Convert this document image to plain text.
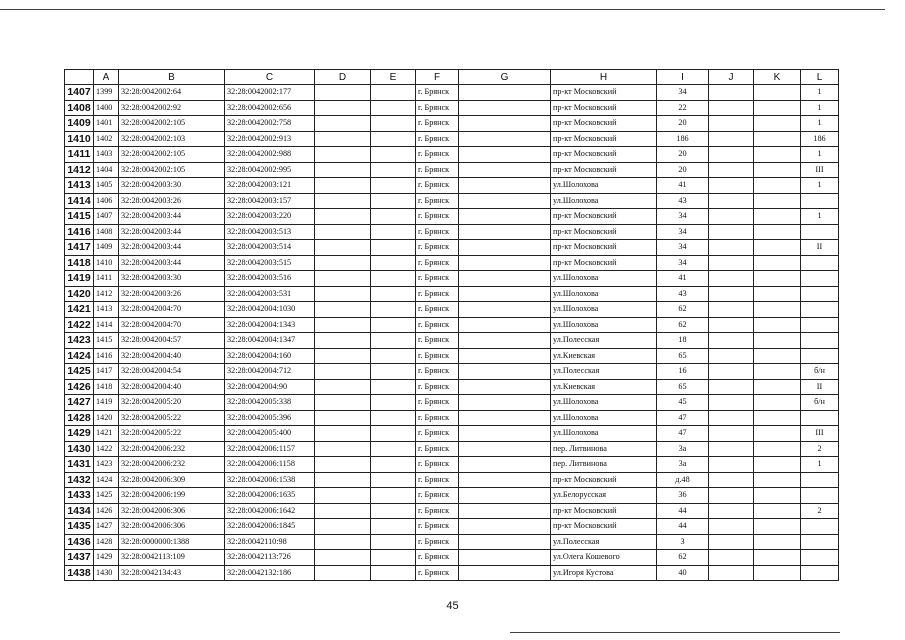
	A	B	C	D	E	F	G	H	I	J	K	L
1407	1399	32:28:0042002:64	32:28:0042002:177			г. Брянск		пр-кт Московский	34			1
1408	1400	32:28:0042002:92	32:28:0042002:656			г. Брянск		пр-кт Московский	22			1
1409	1401	32:28:0042002:105	32:28:0042002:758			г. Брянск		пр-кт Московский	20			1
1410	1402	32:28:0042002:103	32:28:0042002:913			г. Брянск		пр-кт Московский	186			186
1411	1403	32:28:0042002:105	32:28:0042002:988			г. Брянск		пр-кт Московский	20			1
1412	1404	32:28:0042002:105	32:28:0042002:995			г. Брянск		пр-кт Московский	20			III
1413	1405	32:28:0042003:30	32:28:0042003:121			г. Брянск		ул.Шолохова	41			1
1414	1406	32:28:0042003:26	32:28:0042003:157			г. Брянск		ул.Шолохова	43			
1415	1407	32:28:0042003:44	32:28:0042003:220			г. Брянск		пр-кт Московский	34			1
1416	1408	32:28:0042003:44	32:28:0042003:513			г. Брянск		пр-кт Московский	34			
1417	1409	32:28:0042003:44	32:28:0042003:514			г. Брянск		пр-кт Московский	34			II
1418	1410	32:28:0042003:44	32:28:0042003:515			г. Брянск		пр-кт Московский	34			
1419	1411	32:28:0042003:30	32:28:0042003:516			г. Брянск		ул.Шолохова	41			
1420	1412	32:28:0042003:26	32:28:0042003:531			г. Брянск		ул.Шолохова	43			
1421	1413	32:28:0042004:70	32:28:0042004:1030			г. Брянск		ул.Шолохова	62			
1422	1414	32:28:0042004:70	32:28:0042004:1343			г. Брянск		ул.Шолохова	62			
1423	1415	32:28:0042004:57	32:28:0042004:1347			г. Брянск		ул.Полесская	18			
1424	1416	32:28:0042004:40	32:28:0042004:160			г. Брянск		ул.Киевская	65			
1425	1417	32:28:0042004:54	32:28:0042004:712			г. Брянск		ул.Полесская	16			б/н
1426	1418	32:28:0042004:40	32:28:0042004:90			г. Брянск		ул.Киевская	65			II
1427	1419	32:28:0042005:20	32:28:0042005:338			г. Брянск		ул.Шолохова	45			б/н
1428	1420	32:28:0042005:22	32:28:0042005:396			г. Брянск		ул.Шолохова	47			
1429	1421	32:28:0042005:22	32:28:0042005:400			г. Брянск		ул.Шолохова	47			III
1430	1422	32:28:0042006:232	32:28:0042006:1157			г. Брянск		пер. Литвинова	3а			2
1431	1423	32:28:0042006:232	32:28:0042006:1158			г. Брянск		пер. Литвинова	3а			1
1432	1424	32:28:0042006:309	32:28:0042006:1538			г. Брянск		пр-кт Московский	д.48			
1433	1425	32:28:0042006:199	32:28:0042006:1635			г. Брянск		ул.Белорусская	36			
1434	1426	32:28:0042006:306	32:28:0042006:1642			г. Брянск		пр-кт Московский	44			2
1435	1427	32:28:0042006:306	32:28:0042006:1845			г. Брянск		пр-кт Московский	44			
1436	1428	32:28:0000000:1388	32:28:0042110:98			г. Брянск		ул.Полесская	3			
1437	1429	32:28:0042113:109	32:28:0042113:726			г. Брянск		ул.Олега Кошевого	62			
1438	1430	32:28:0042134:43	32:28:0042132:186			г. Брянск		ул.Игоря Кустова	40			
45
